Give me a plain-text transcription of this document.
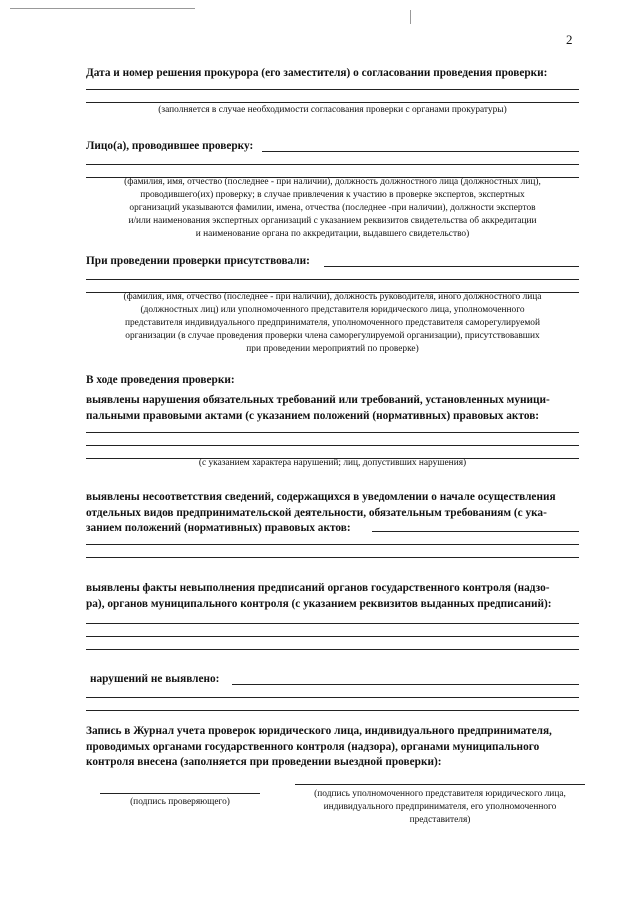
2
Дата и номер решения прокурора (его заместителя) о согласовании проведения проверки:
(заполняется в случае необходимости согласования проверки с органами прокуратуры)
Лицо(а), проводившее проверку:
(фамилия, имя, отчество (последнее - при наличии), должность должностного лица (должностных лиц),
проводившего(их) проверку; в случае привлечения к участию в проверке экспертов, экспертных
организаций указываются фамилии, имена, отчества (последнее -при наличии), должности экспертов
и/или наименования экспертных организаций с указанием реквизитов свидетельства об аккредитации
и наименование органа по аккредитации, выдавшего свидетельство)
При проведении проверки присутствовали:
(фамилия, имя, отчество (последнее - при наличии), должность руководителя, иного должностного лица
(должностных лиц) или уполномоченного представителя юридического лица, уполномоченного
представителя индивидуального предпринимателя, уполномоченного представителя саморегулируемой
организации (в случае проведения проверки члена саморегулируемой организации), присутствовавших
при проведении мероприятий по проверке)
В ходе проведения проверки:
выявлены нарушения обязательных требований или требований, установленных муници-
пальными правовыми актами (с указанием положений (нормативных) правовых актов:
(с указанием характера нарушений; лиц, допустивших нарушения)
выявлены несоответствия сведений, содержащихся в уведомлении о начале осуществления
отдельных видов предпринимательской деятельности, обязательным требованиям (с ука-
занием положений (нормативных) правовых актов:
выявлены факты невыполнения предписаний органов государственного контроля (надзо-
ра), органов муниципального контроля (с указанием реквизитов выданных предписаний):
нарушений не выявлено:
Запись в Журнал учета проверок юридического лица, индивидуального предпринимателя,
проводимых органами государственного контроля (надзора), органами муниципального
контроля внесена (заполняется при проведении выездной проверки):
(подпись проверяющего)
(подпись уполномоченного представителя юридического лица,
индивидуального предпринимателя, его уполномоченного
представителя)
